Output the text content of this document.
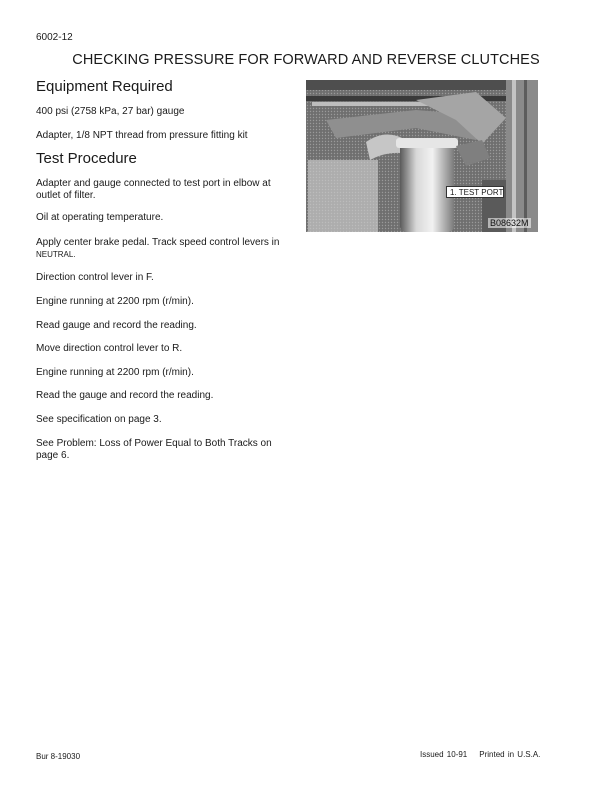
6002-12
CHECKING PRESSURE FOR FORWARD AND REVERSE CLUTCHES
Equipment Required
400 psi (2758 kPa, 27 bar) gauge
Adapter, 1/8 NPT thread from pressure fitting kit
Test Procedure
Adapter and gauge connected to test port in elbow at outlet of filter.
Oil at operating temperature.
Apply center brake pedal. Track speed control levers in
NEUTRAL.
Direction control lever in F.
Engine running at 2200 rpm (r/min).
Read gauge and record the reading.
Move direction control lever to R.
Engine running at 2200 rpm (r/min).
Read the gauge and record the reading.
See specification on page 3.
See Problem: Loss of Power Equal to Both Tracks on page 6.
1. TEST PORT
B08632M
Bur 8-19030	Issued 10-91 Printed in U.S.A.
